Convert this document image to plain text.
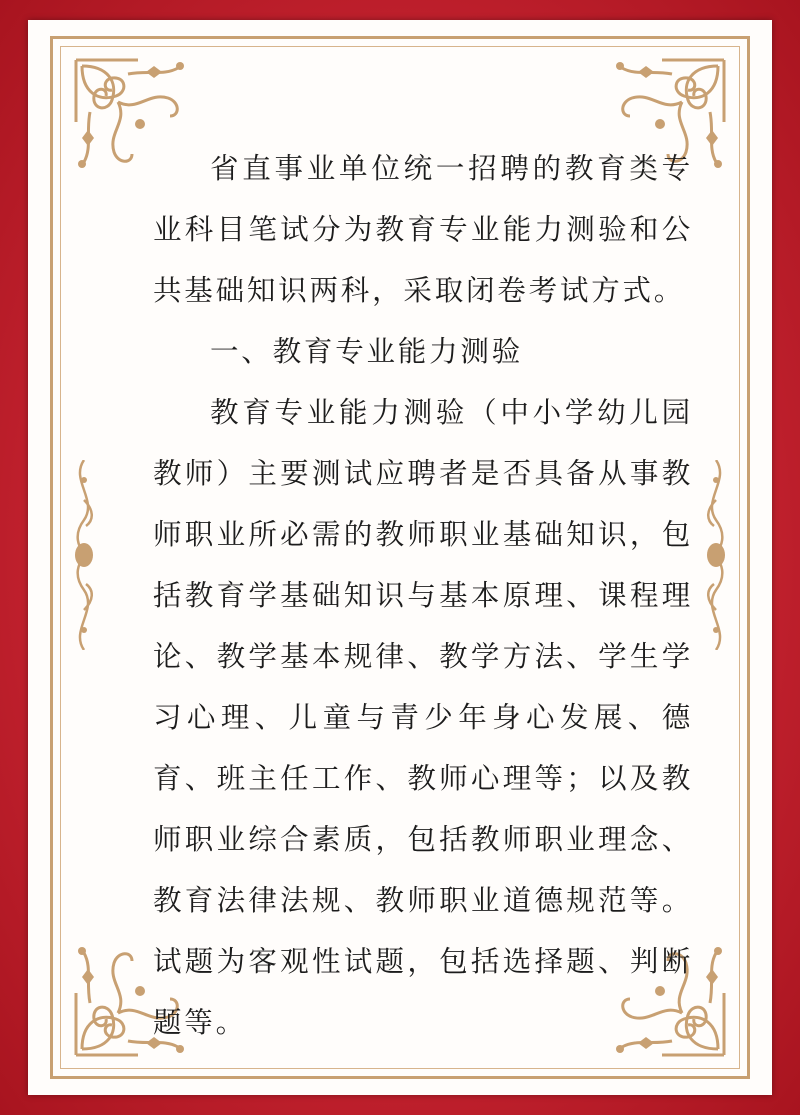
省直事业单位统一招聘的教育类专业科目笔试分为教育专业能力测验和公共基础知识两科，采取闭卷考试方式。

一、教育专业能力测验

教育专业能力测验（中小学幼儿园教师）主要测试应聘者是否具备从事教师职业所必需的教师职业基础知识，包括教育学基础知识与基本原理、课程理论、教学基本规律、教学方法、学生学习心理、儿童与青少年身心发展、德育、班主任工作、教师心理等；以及教师职业综合素质，包括教师职业理念、教育法律法规、教师职业道德规范等。试题为客观性试题，包括选择题、判断题等。
